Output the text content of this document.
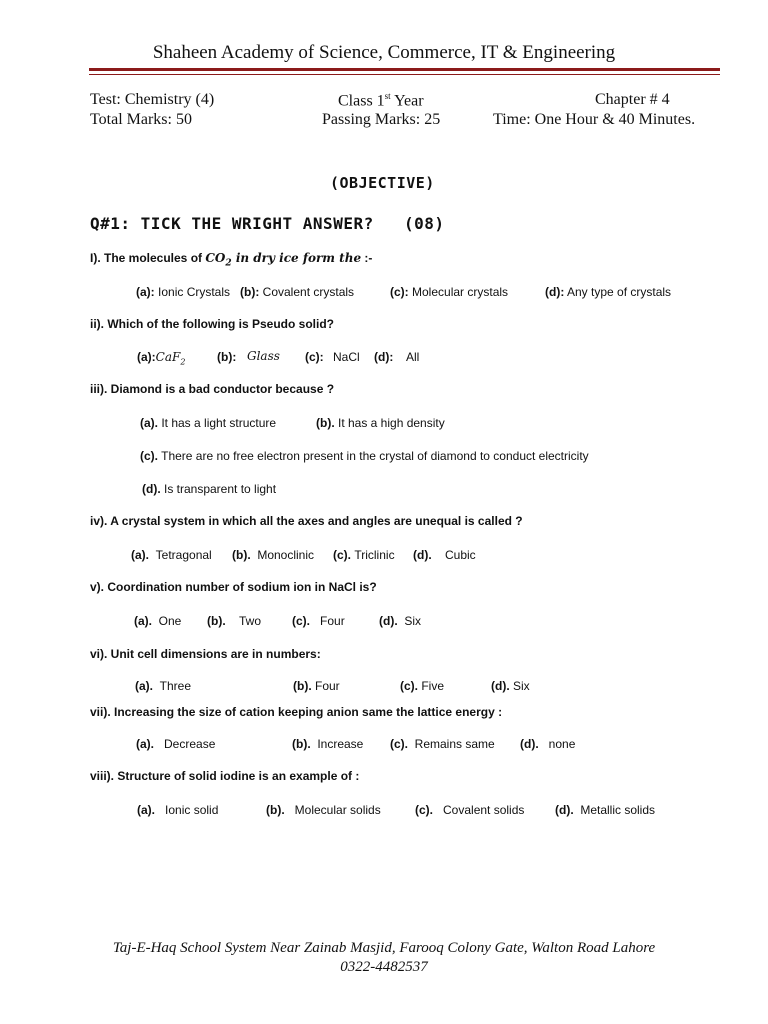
Shaheen Academy of Science, Commerce, IT & Engineering
Test: Chemistry (4)	Class 1st Year	Chapter # 4
Total Marks: 50	Passing Marks: 25	Time: One Hour & 40 Minutes.
(OBJECTIVE)
Q#1: TICK THE WRIGHT ANSWER? (08)
I). The molecules of $CO_2$ in dry ice form the :-
(a): Ionic Crystals (b): Covalent crystals	(c): Molecular crystals	(d): Any type of crystals
ii). Which of the following is Pseudo solid?
(a):CaF$_2$	(b): Glass (c): NaCl (d): All
iii). Diamond is a bad conductor because ?
(a). It has a light structure	(b). It has a high density
(c). There are no free electron present in the crystal of diamond to conduct electricity
(d). Is transparent to light
iv). A crystal system in which all the axes and angles are unequal is called ?
(a). Tetragonal (b). Monoclinic (c). Triclinic (d). Cubic
v). Coordination number of sodium ion in NaCl is?
(a). One (b). Two	(c). Four	(d). Six
vi). Unit cell dimensions are in numbers:
(a). Three	(b). Four	(c). Five	(d). Six
vii). Increasing the size of cation keeping anion same the lattice energy :
(a). Decrease	(b). Increase (c). Remains same (d). none
viii). Structure of solid iodine is an example of :
(a). Ionic solid	(b). Molecular solids	(c). Covalent solids	(d). Metallic solids
Taj-E-Haq School System Near Zainab Masjid, Farooq Colony Gate, Walton Road Lahore
0322-4482537
